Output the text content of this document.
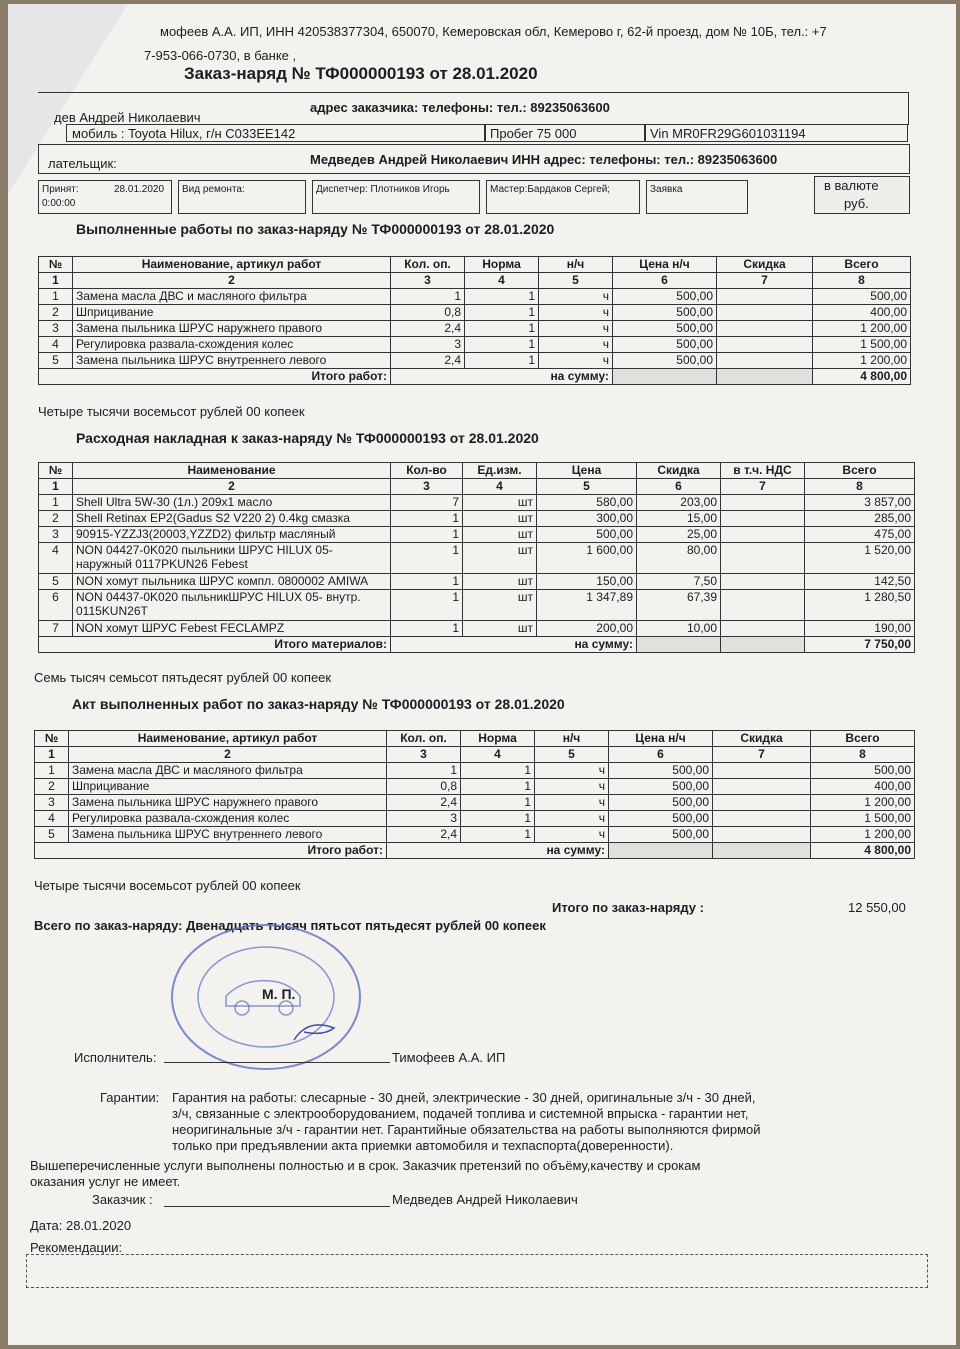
мофеев А.А. ИП, ИНН 420538377304, 650070, Кемеровская обл, Кемерово г, 62-й проезд, дом № 10Б, тел.: +7
7-953-066-0730, в банке ,
Заказ-наряд № ТФ000000193 от 28.01.2020
дев Андрей Николаевич
адрес заказчика: телефоны: тел.: 89235063600
мобиль : Toyota Hilux, г/н С033ЕЕ142	Пробег 75 000	Vin MR0FR29G601031194
лательщик:	Медведев Андрей Николаевич ИНН адрес: телефоны: тел.: 89235063600
Принят:	28.01.2020
0:00:00
Вид ремонта:	Диспетчер: Плотников Игорь	Мастер:Бардаков Сергей;	Заявка	в валюте
руб.
Выполненные работы по заказ-наряду № ТФ000000193 от 28.01.2020
№	Наименование, артикул работ	Кол. оп.	Норма	н/ч	Цена н/ч	Скидка	Всего
1	2	3	4	5	6	7	8
1	Замена масла ДВС и масляного фильтра	1	1	ч	500,00		500,00
2	Шприцивание	0,8	1	ч	500,00		400,00
3	Замена пыльника ШРУС наружнего правого	2,4	1	ч	500,00		1 200,00
4	Регулировка развала-схождения колес	3	1	ч	500,00		1 500,00
5	Замена пыльника ШРУС внутреннего левого	2,4	1	ч	500,00		1 200,00
Итого работ:		на сумму:					4 800,00
Четыре тысячи восемьсот рублей 00 копеек
Расходная накладная к заказ-наряду № ТФ000000193 от 28.01.2020
№	Наименование	Кол-во	Ед.изм.	Цена	Скидка	в т.ч. НДС	Всего
1	2	3	4	5	6	7	8
1	Shell Ultra 5W-30 (1л.) 209х1 масло	7	шт	580,00	203,00		3 857,00
2	Shell Retinax EP2(Gadus S2 V220 2) 0.4kg смазка	1	шт	300,00	15,00		285,00
3	90915-YZZJ3(20003,YZZD2) фильтр масляный	1	шт	500,00	25,00		475,00
4	NON 04427-0K020 пыльники ШРУС HILUX 05- наружный 0117PKUN26 Febest	1	шт	1 600,00	80,00		1 520,00
5	NON хомут пыльника ШРУС компл. 0800002 AMIWA	1	шт	150,00	7,50		142,50
6	NON 04437-0K020 пыльникШРУС HILUX 05- внутр. 0115KUN26T	1	шт	1 347,89	67,39		1 280,50
7	NON хомут ШРУС Febest FECLAMPZ	1	шт	200,00	10,00		190,00
Итого материалов:		на сумму:					7 750,00
Семь тысяч семьсот пятьдесят рублей 00 копеек
Акт выполненных работ по заказ-наряду № ТФ000000193 от 28.01.2020
№	Наименование, артикул работ	Кол. оп.	Норма	н/ч	Цена н/ч	Скидка	Всего
1	2	3	4	5	6	7	8
1	Замена масла ДВС и масляного фильтра	1	1	ч	500,00		500,00
2	Шприцивание	0,8	1	ч	500,00		400,00
3	Замена пыльника ШРУС наружнего правого	2,4	1	ч	500,00		1 200,00
4	Регулировка развала-схождения колес	3	1	ч	500,00		1 500,00
5	Замена пыльника ШРУС внутреннего левого	2,4	1	ч	500,00		1 200,00
Итого работ:		на сумму:					4 800,00
Четыре тысячи восемьсот рублей 00 копеек
Итого по заказ-наряду :	12 550,00
Всего по заказ-наряду: Двенадцать тысяч пятьсот пятьдесят рублей 00 копеек
М. П.
Исполнитель:	Тимофеев А.А. ИП
Гарантии: Гарантия на работы: слесарные - 30 дней, электрические - 30 дней, оригинальные з/ч - 30 дней,
з/ч, связанные с электрооборудованием, подачей топлива и системной впрыска - гарантии нет,
неоригинальные з/ч - гарантии нет. Гарантийные обязательства на работы выполняются фирмой
только при предъявлении акта приемки автомобиля и техпаспорта(доверенности).
Вышеперечисленные услуги выполнены полностью и в срок. Заказчик претензий по объёму,качеству и срокам
оказания услуг не имеет.
Заказчик :	Медведев Андрей Николаевич
Дата: 28.01.2020
Рекомендации:
